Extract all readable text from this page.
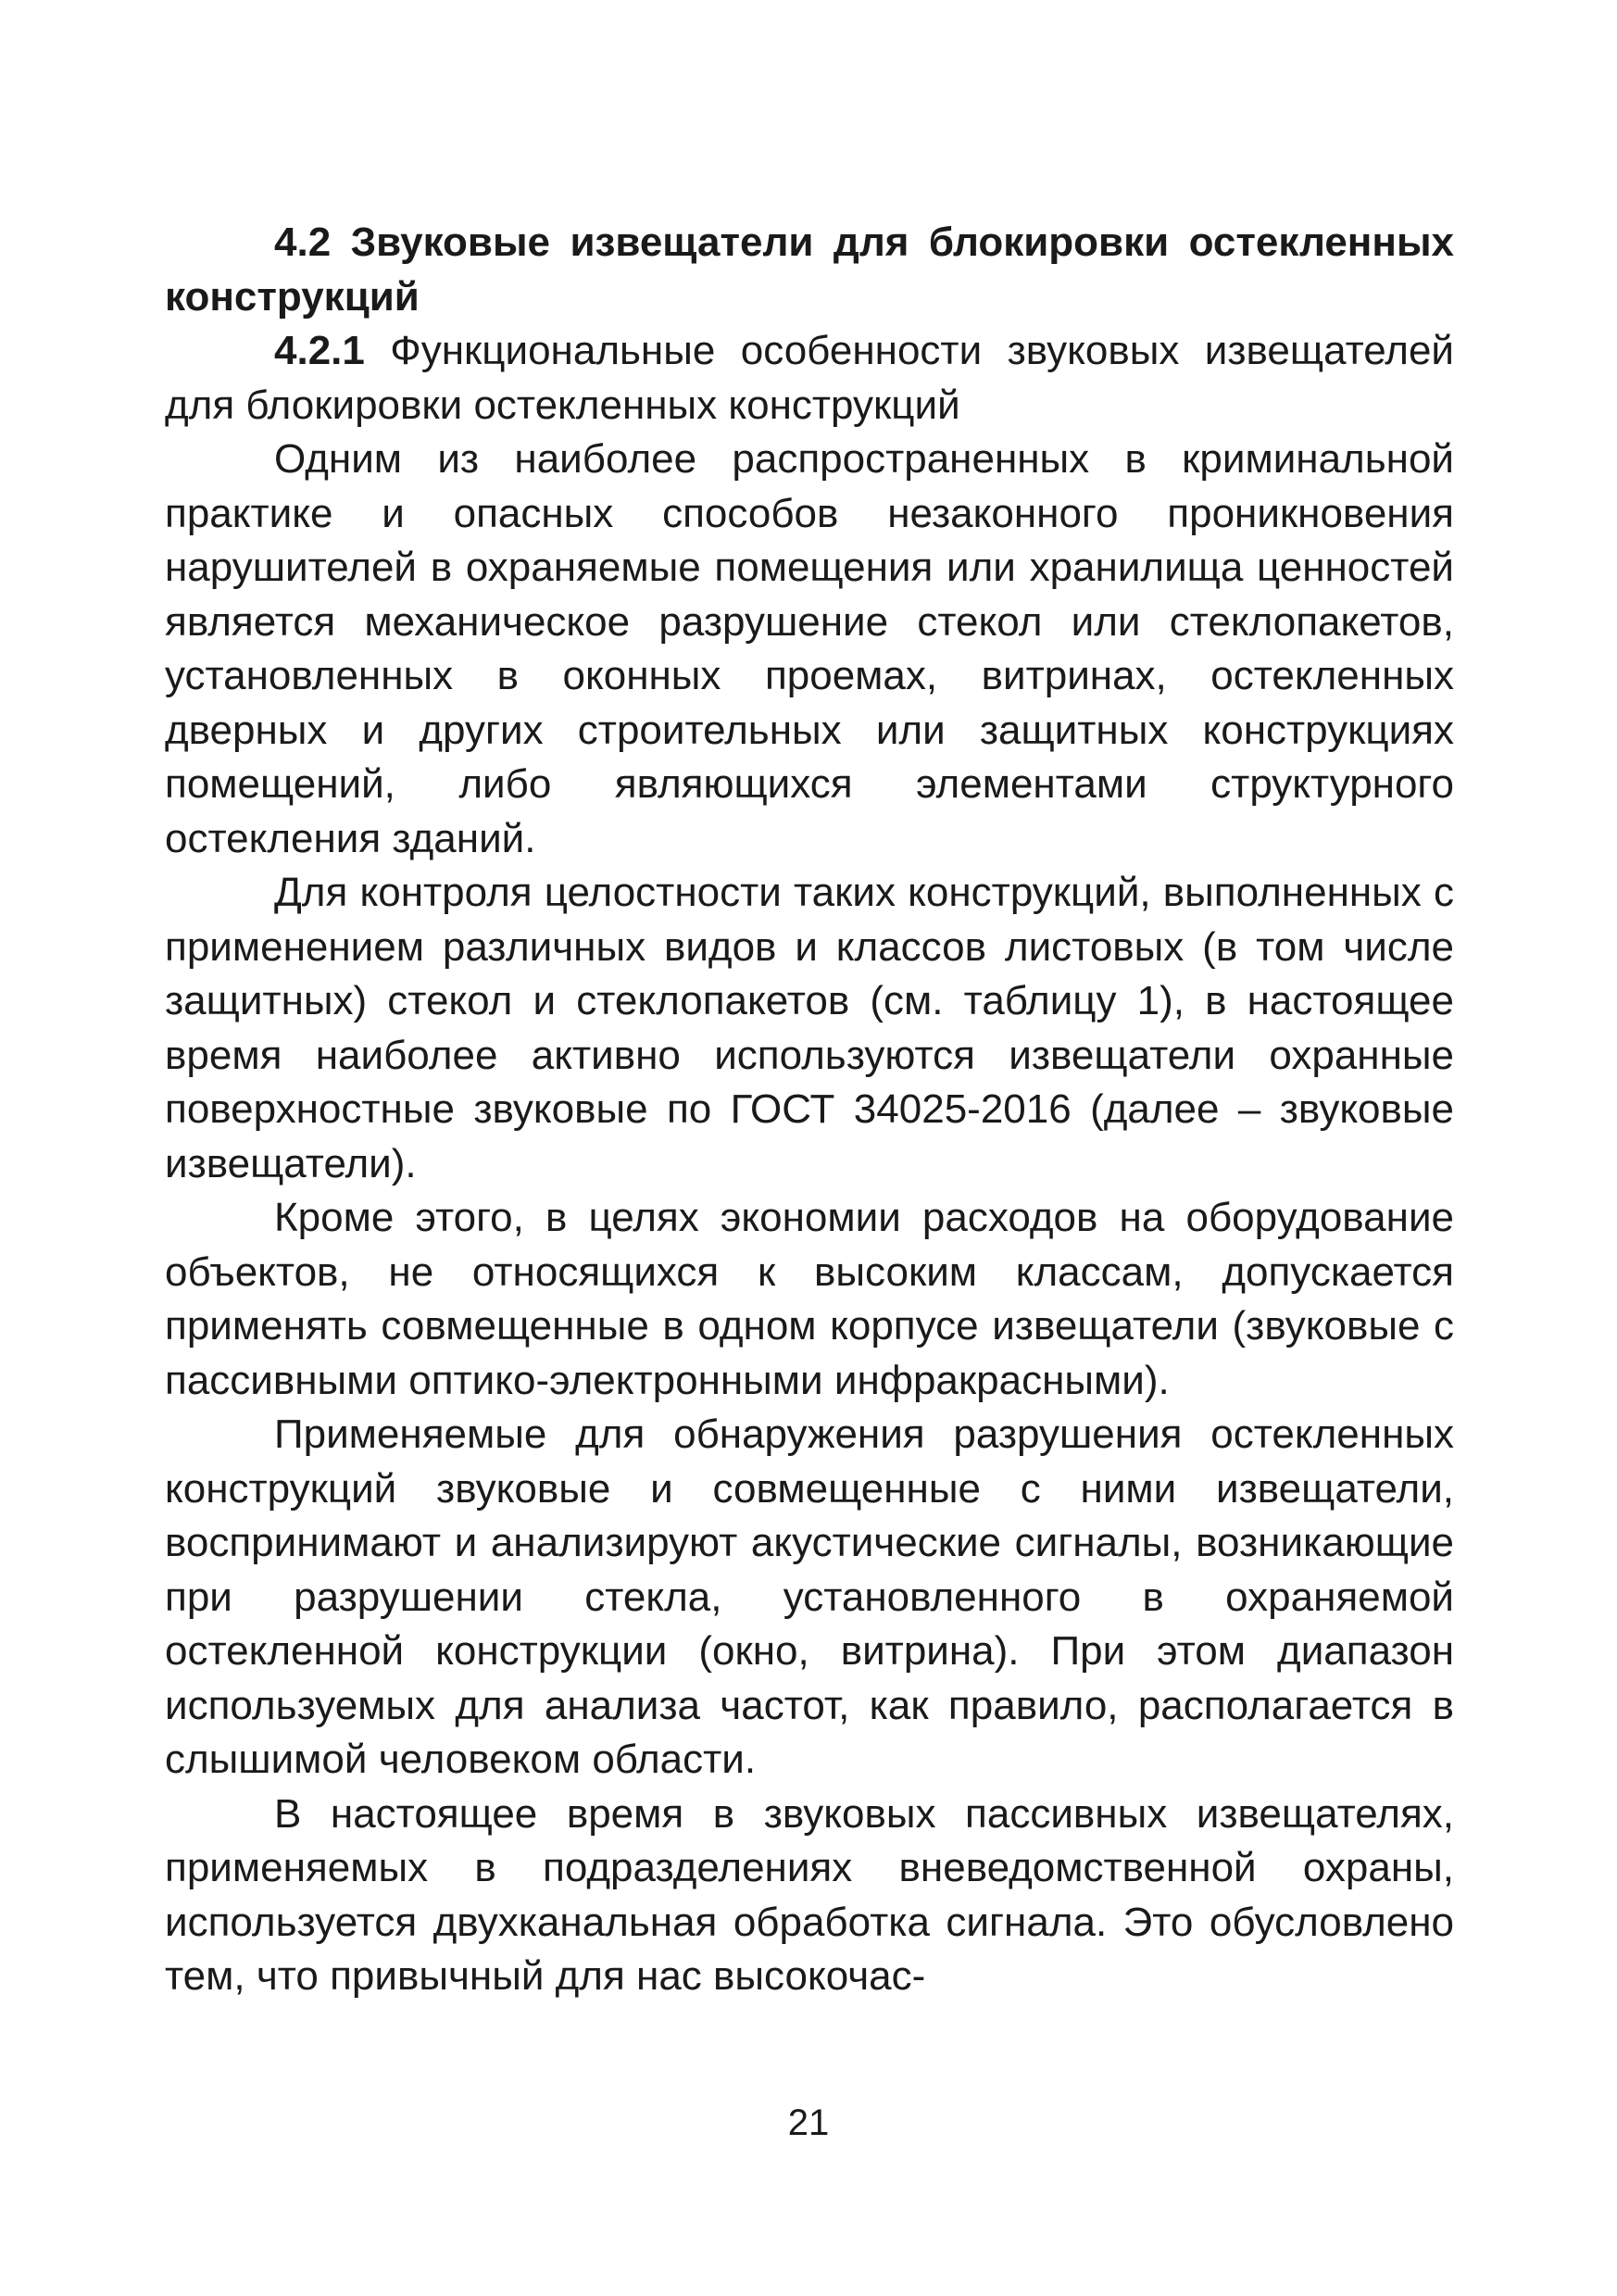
4.2 Звуковые извещатели для блокировки остекленных конструкций

4.2.1 Функциональные особенности звуковых извещателей для блокировки остекленных конструкций

Одним из наиболее распространенных в криминальной практике и опасных способов незаконного проникновения нарушителей в охраняемые помещения или хранилища ценностей является механическое разрушение стекол или стеклопакетов, установленных в оконных проемах, витринах, остекленных дверных и других строительных или защитных конструкциях помещений, либо являющихся элементами структурного остекления зданий.

Для контроля целостности таких конструкций, выполненных с применением различных видов и классов листовых (в том числе защитных) стекол и стеклопакетов (см. таблицу 1), в настоящее время наиболее активно используются извещатели охранные поверхностные звуковые по ГОСТ 34025-2016 (далее – звуковые извещатели).

Кроме этого, в целях экономии расходов на оборудование объектов, не относящихся к высоким классам, допускается применять совмещенные в одном корпусе извещатели (звуковые с пассивными оптико-электронными инфракрасными).

Применяемые для обнаружения разрушения остекленных конструкций звуковые и совмещенные с ними извещатели, воспринимают и анализируют акустические сигналы, возникающие при разрушении стекла, установленного в охраняемой остекленной конструкции (окно, витрина). При этом диапазон используемых для анализа частот, как правило, располагается в слышимой человеком области.

В настоящее время в звуковых пассивных извещателях, применяемых в подразделениях вневедомственной охраны, используется двухканальная обработка сигнала. Это обусловлено тем, что привычный для нас высокочас-

21
